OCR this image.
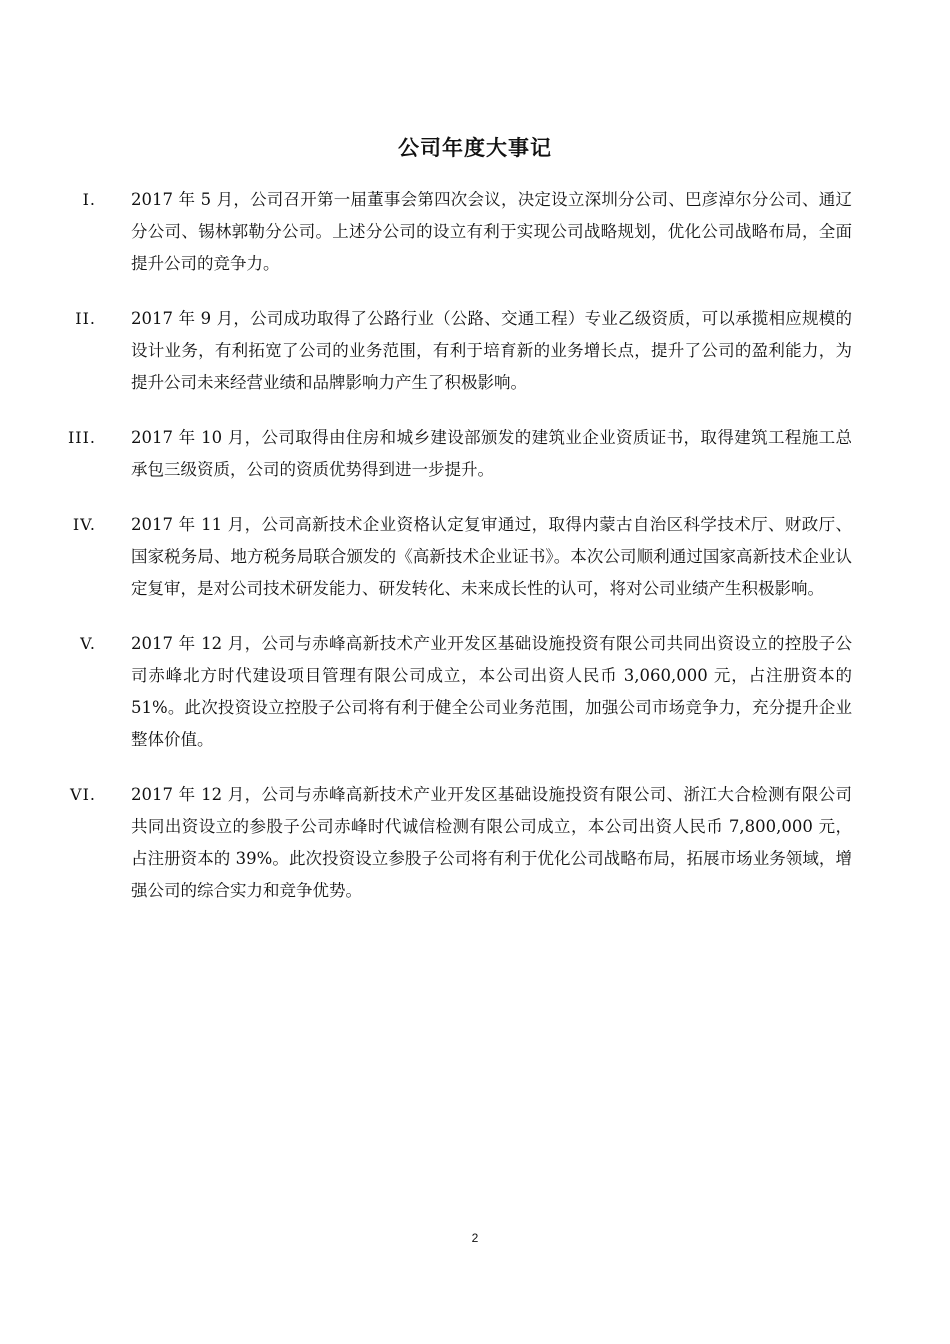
公司年度大事记
I. 2017 年 5 月，公司召开第一届董事会第四次会议，决定设立深圳分公司、巴彦淖尔分公司、通辽分公司、锡林郭勒分公司。上述分公司的设立有利于实现公司战略规划，优化公司战略布局，全面提升公司的竞争力。
II. 2017 年 9 月，公司成功取得了公路行业（公路、交通工程）专业乙级资质，可以承揽相应规模的设计业务，有利拓宽了公司的业务范围，有利于培育新的业务增长点，提升了公司的盈利能力，为提升公司未来经营业绩和品牌影响力产生了积极影响。
III. 2017 年 10 月，公司取得由住房和城乡建设部颁发的建筑业企业资质证书，取得建筑工程施工总承包三级资质，公司的资质优势得到进一步提升。
IV. 2017 年 11 月，公司高新技术企业资格认定复审通过，取得内蒙古自治区科学技术厅、财政厅、国家税务局、地方税务局联合颁发的《高新技术企业证书》。本次公司顺利通过国家高新技术企业认定复审，是对公司技术研发能力、研发转化、未来成长性的认可，将对公司业绩产生积极影响。
V. 2017 年 12 月，公司与赤峰高新技术产业开发区基础设施投资有限公司共同出资设立的控股子公司赤峰北方时代建设项目管理有限公司成立，本公司出资人民币 3,060,000 元，占注册资本的 51%。此次投资设立控股子公司将有利于健全公司业务范围，加强公司市场竞争力，充分提升企业整体价值。
VI. 2017 年 12 月，公司与赤峰高新技术产业开发区基础设施投资有限公司、浙江大合检测有限公司共同出资设立的参股子公司赤峰时代诚信检测有限公司成立，本公司出资人民币 7,800,000 元，占注册资本的 39%。此次投资设立参股子公司将有利于优化公司战略布局，拓展市场业务领域，增强公司的综合实力和竞争优势。
2
